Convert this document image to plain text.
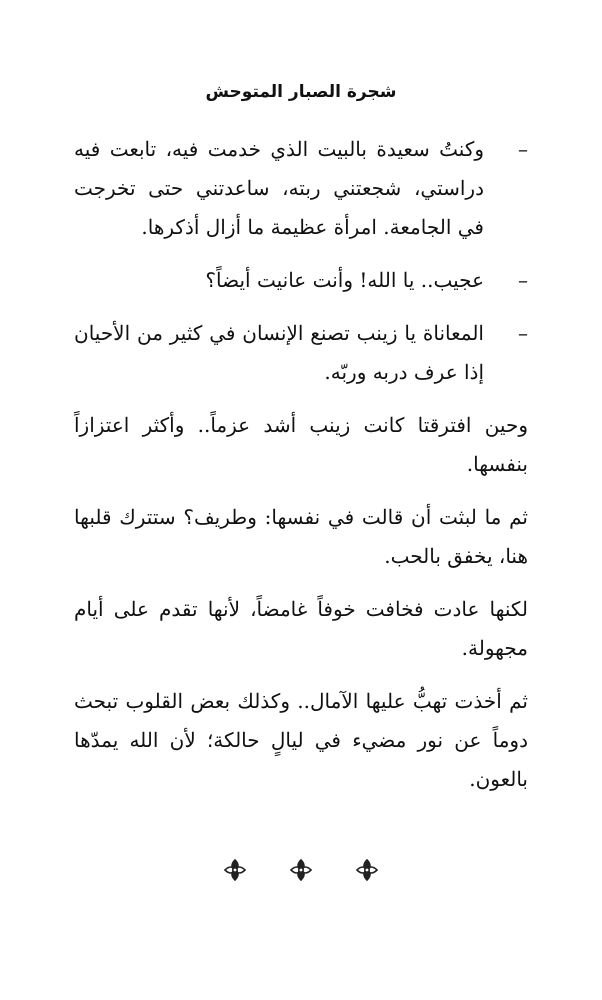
شجرة الصبار المتوحش

–
وكنتُ سعيدة بالبيت الذي خدمت فيه، تابعت فيه دراستي، شجعتني ربته، ساعدتني حتى تخرجت في الجامعة. امرأة عظيمة ما أزال أذكرها.

–
عجيب.. يا الله! وأنت عانيت أيضاً؟

–
المعاناة يا زينب تصنع الإنسان في كثير من الأحيان إذا عرف دربه وربّه.

وحين افترقتا كانت زينب أشد عزماً.. وأكثر اعتزازاً بنفسها.

ثم ما لبثت أن قالت في نفسها: وطريف؟ ستترك قلبها هنا، يخفق بالحب.

لكنها عادت فخافت خوفاً غامضاً، لأنها تقدم على أيام مجهولة.

ثم أخذت تهبُّ عليها الآمال.. وكذلك بعض القلوب تبحث دوماً عن نور مضيء في ليالٍ حالكة؛ لأن الله يمدّها بالعون.
